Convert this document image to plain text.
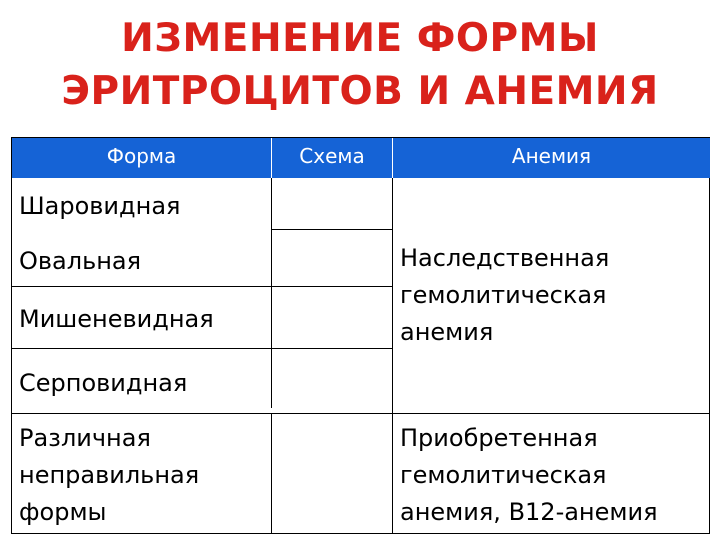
ИЗМЕНЕНИЕ ФОРМЫ
ЭРИТРОЦИТОВ И АНЕМИЯ
Форма	Схема	Анемия
Шаровидная
Овальная
Мишеневидная
Серповидная
Различная неправильная формы
Наследственная гемолитическая анемия
Приобретенная гемолитическая анемия, В12-анемия
